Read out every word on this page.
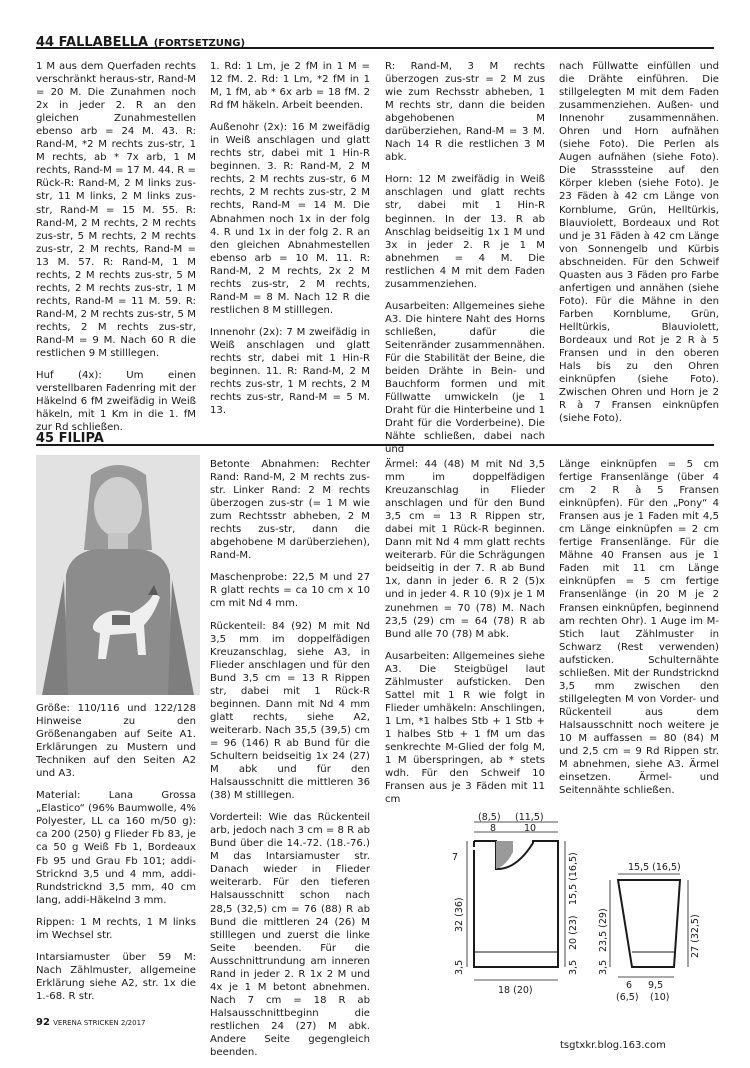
44 FALLABELLA (FORTSETZUNG)

1 M aus dem Querfaden rechts verschränkt heraus-str, Rand-M = 20 M. Die Zunahmen noch 2x in jeder 2. R an den gleichen Zunahmestellen ebenso arb = 24 M. 43. R: Rand-M, *2 M rechts zus-str, 1 M rechts, ab * 7x arb, 1 M rechts, Rand-M = 17 M. 44. R = Rück-R: Rand-M, 2 M links zus-str, 11 M links, 2 M links zus-str, Rand-M = 15 M. 55. R: Rand-M, 2 M rechts, 2 M rechts zus-str, 5 M rechts, 2 M rechts zus-str, 2 M rechts, Rand-M = 13 M. 57. R: Rand-M, 1 M rechts, 2 M rechts zus-str, 5 M rechts, 2 M rechts zus-str, 1 M rechts, Rand-M = 11 M. 59. R: Rand-M, 2 M rechts zus-str, 5 M rechts, 2 M rechts zus-str, Rand-M = 9 M. Nach 60 R die restlichen 9 M stilllegen.

Huf (4x): Um einen verstellbaren Fadenring mit der Häkelnd 6 fM zweifädig in Weiß häkeln, mit 1 Km in die 1. fM zur Rd schließen.

1. Rd: 1 Lm, je 2 fM in 1 M = 12 fM. 2. Rd: 1 Lm, *2 fM in 1 M, 1 fM, ab * 6x arb = 18 fM. 2 Rd fM häkeln. Arbeit beenden.

Außenohr (2x): 16 M zweifädig in Weiß anschlagen und glatt rechts str, dabei mit 1 Hin-R beginnen. 3. R: Rand-M, 2 M rechts, 2 M rechts zus-str, 6 M rechts, 2 M rechts zus-str, 2 M rechts, Rand-M = 14 M. Die Abnahmen noch 1x in der folg 4. R und 1x in der folg 2. R an den gleichen Abnahmestellen ebenso arb = 10 M. 11. R: Rand-M, 2 M rechts, 2x 2 M rechts zus-str, 2 M rechts, Rand-M = 8 M. Nach 12 R die restlichen 8 M stilllegen.

Innenohr (2x): 7 M zweifädig in Weiß anschlagen und glatt rechts str, dabei mit 1 Hin-R beginnen. 11. R: Rand-M, 2 M rechts zus-str, 1 M rechts, 2 M rechts zus-str, Rand-M = 5 M. 13.

R: Rand-M, 3 M rechts überzogen zus-str = 2 M zus wie zum Rechsstr abheben, 1 M rechts str, dann die beiden abgehobenen M darüberziehen, Rand-M = 3 M. Nach 14 R die restlichen 3 M abk.

Horn: 12 M zweifädig in Weiß anschlagen und glatt rechts str, dabei mit 1 Hin-R beginnen. In der 13. R ab Anschlag beidseitig 1x 1 M und 3x in jeder 2. R je 1 M abnehmen = 4 M. Die restlichen 4 M mit dem Faden zusammenziehen.

Ausarbeiten: Allgemeines siehe A3. Die hintere Naht des Horns schließen, dafür die Seitenränder zusammennähen. Für die Stabilität der Beine, die beiden Drähte in Bein- und Bauchform formen und mit Füllwatte umwickeln (je 1 Draht für die Hinterbeine und 1 Draht für die Vorderbeine). Die Nähte schließen, dabei nach und

nach Füllwatte einfüllen und die Drähte einführen. Die stillgelegten M mit dem Faden zusammenziehen. Außen- und Innenohr zusammennähen. Ohren und Horn aufnähen (siehe Foto). Die Perlen als Augen aufnähen (siehe Foto). Die Strasssteine auf den Körper kleben (siehe Foto). Je 23 Fäden à 42 cm Länge von Kornblume, Grün, Helltürkis, Blauviolett, Bordeaux und Rot und je 31 Fäden à 42 cm Länge von Sonnengelb und Kürbis abschneiden. Für den Schweif Quasten aus 3 Fäden pro Farbe anfertigen und annähen (siehe Foto). Für die Mähne in den Farben Kornblume, Grün, Helltürkis, Blauviolett, Bordeaux und Rot je 2 R à 5 Fransen und in den oberen Hals bis zu den Ohren einknüpfen (siehe Foto). Zwischen Ohren und Horn je 2 R à 7 Fransen einknüpfen (siehe Foto).

45 FILIPA

Größe: 110/116 und 122/128 Hinweise zu den Größenangaben auf Seite A1. Erklärungen zu Mustern und Techniken auf den Seiten A2 und A3.

Material: Lana Grossa „Elastico“ (96% Baumwolle, 4% Polyester, LL ca 160 m/50 g): ca 200 (250) g Flieder Fb 83, je ca 50 g Weiß Fb 1, Bordeaux Fb 95 und Grau Fb 101; addi-Stricknd 3,5 und 4 mm, addi-Rundstricknd 3,5 mm, 40 cm lang, addi-Häkelnd 3 mm.

Rippen: 1 M rechts, 1 M links im Wechsel str.

Intarsiamuster über 59 M: Nach Zählmuster, allgemeine Erklärung siehe A2, str. 1x die 1.-68. R str.

Betonte Abnahmen: Rechter Rand: Rand-M, 2 M rechts zus-str. Linker Rand: 2 M rechts überzogen zus-str (= 1 M wie zum Rechtsstr abheben, 2 M rechts zus-str, dann die abgehobene M darüberziehen), Rand-M.

Maschenprobe: 22,5 M und 27 R glatt rechts = ca 10 cm x 10 cm mit Nd 4 mm.

Rückenteil: 84 (92) M mit Nd 3,5 mm im doppelfädigen Kreuzanschlag, siehe A3, in Flieder anschlagen und für den Bund 3,5 cm = 13 R Rippen str, dabei mit 1 Rück-R beginnen. Dann mit Nd 4 mm glatt rechts, siehe A2, weiterarb. Nach 35,5 (39,5) cm = 96 (146) R ab Bund für die Schultern beidseitig 1x 24 (27) M abk und für den Halsausschnitt die mittleren 36 (38) M stilllegen.

Vorderteil: Wie das Rückenteil arb, jedoch nach 3 cm = 8 R ab Bund über die 14.-72. (18.-76.) M das Intarsiamuster str. Danach wieder in Flieder weiterarb. Für den tieferen Halsausschnitt schon nach 28,5 (32,5) cm = 76 (88) R ab Bund die mittleren 24 (26) M stilllegen und zuerst die linke Seite beenden. Für die Ausschnittrundung am inneren Rand in jeder 2. R 1x 2 M und 4x je 1 M betont abnehmen. Nach 7 cm = 18 R ab Halsausschnittbeginn die restlichen 24 (27) M abk. Andere Seite gegengleich beenden.

Ärmel: 44 (48) M mit Nd 3,5 mm im doppelfädigen Kreuzanschlag in Flieder anschlagen und für den Bund 3,5 cm = 13 R Rippen str, dabei mit 1 Rück-R beginnen. Dann mit Nd 4 mm glatt rechts weiterarb. Für die Schrägungen beidseitig in der 7. R ab Bund 1x, dann in jeder 6. R 2 (5)x und in jeder 4. R 10 (9)x je 1 M zunehmen = 70 (78) M. Nach 23,5 (29) cm = 64 (78) R ab Bund alle 70 (78) M abk.

Ausarbeiten: Allgemeines siehe A3. Die Steigbügel laut Zählmuster aufsticken. Den Sattel mit 1 R wie folgt in Flieder umhäkeln: Anschlingen, 1 Lm, *1 halbes Stb + 1 Stb + 1 halbes Stb + 1 fM um das senkrechte M-Glied der folg M, 1 M überspringen, ab * stets wdh. Für den Schweif 10 Fransen aus je 3 Fäden mit 11 cm

Länge einknüpfen = 5 cm fertige Fransenlänge (über 4 cm 2 R à 5 Fransen einknüpfen). Für den „Pony“ 4 Fransen aus je 1 Faden mit 4,5 cm Länge einknüpfen = 2 cm fertige Fransenlänge. Für die Mähne 40 Fransen aus je 1 Faden mit 11 cm Länge einknüpfen = 5 cm fertige Fransenlänge (in 20 M je 2 Fransen einknüpfen, beginnend am rechten Ohr). 1 Auge im M-Stich laut Zählmuster in Schwarz (Rest verwenden) aufsticken. Schulternähte schließen. Mit der Rundstricknd 3,5 mm zwischen den stillgelegten M von Vorder- und Rückenteil aus dem Halsausschnitt noch weitere je 10 M auffassen = 80 (84) M und 2,5 cm = 9 Rd Rippen str. M abnehmen, siehe A3. Ärmel einsetzen. Ärmel- und Seitennähte schließen.

(8,5) (11,5)
8	10
7
32 (36)
3,5
15,5 (16,5)
20 (23)
3,5
18 (20)
15,5 (16,5)
23,5 (29)
3,5
27 (32,5)
6
(6,5)
9,5
(10)
92 VERENA STRICKEN 2/2017
tsgtxkr.blog.163.com
